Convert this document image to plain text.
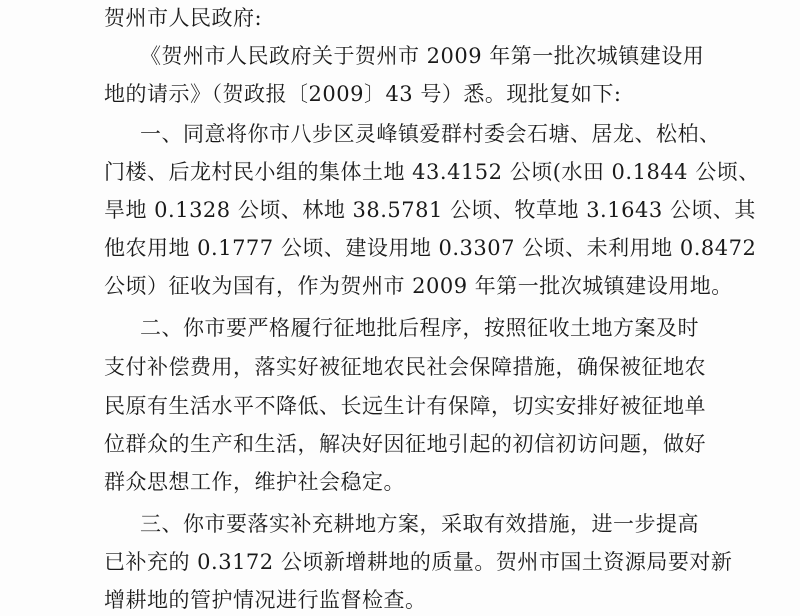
贺州市人民政府:
《贺州市人民政府关于贺州市 2009 年第一批次城镇建设用
地的请示》（贺政报〔2009〕43 号）悉。现批复如下:
一、同意将你市八步区灵峰镇爱群村委会石塘、居龙、松柏、
门楼、后龙村民小组的集体土地 43.4152 公顷(水田 0.1844 公顷、
旱地 0.1328 公顷、林地 38.5781 公顷、牧草地 3.1643 公顷、其
他农用地 0.1777 公顷、建设用地 0.3307 公顷、未利用地 0.8472
公顷）征收为国有，作为贺州市 2009 年第一批次城镇建设用地。
二、你市要严格履行征地批后程序，按照征收土地方案及时
支付补偿费用，落实好被征地农民社会保障措施，确保被征地农
民原有生活水平不降低、长远生计有保障，切实安排好被征地单
位群众的生产和生活，解决好因征地引起的初信初访问题，做好
群众思想工作，维护社会稳定。
三、你市要落实补充耕地方案，采取有效措施，进一步提高
已补充的 0.3172 公顷新增耕地的质量。贺州市国土资源局要对新
增耕地的管护情况进行监督检查。
